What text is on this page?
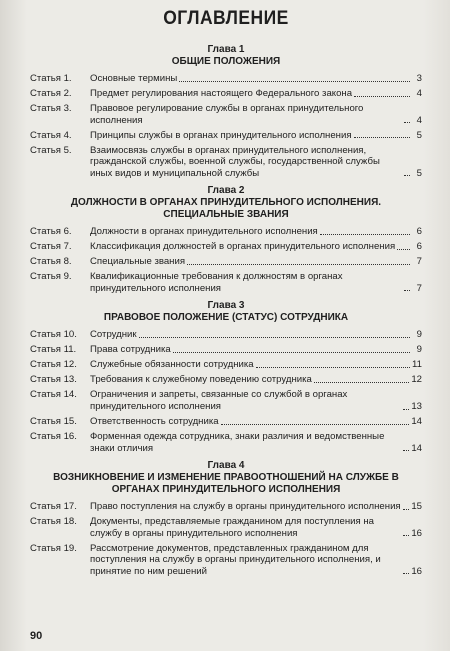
ОГЛАВЛЕНИЕ
Глава 1
ОБЩИЕ ПОЛОЖЕНИЯ
Статья 1.	Основные термины	3
Статья 2.	Предмет регулирования настоящего Федерального закона	4
Статья 3.	Правовое регулирование службы в органах принудительного исполнения	4
Статья 4.	Принципы службы в органах принудительного исполнения	5
Статья 5.	Взаимосвязь службы в органах принудительного исполнения, гражданской службы, военной службы, государственной службы иных видов и муниципальной службы	5
Глава 2
ДОЛЖНОСТИ В ОРГАНАХ ПРИНУДИТЕЛЬНОГО ИСПОЛНЕНИЯ. СПЕЦИАЛЬНЫЕ ЗВАНИЯ
Статья 6.	Должности в органах принудительного исполнения	6
Статья 7.	Классификация должностей в органах принудительного исполнения	6
Статья 8.	Специальные звания	7
Статья 9.	Квалификационные требования к должностям в органах принудительного исполнения	7
Глава 3
ПРАВОВОЕ ПОЛОЖЕНИЕ (СТАТУС) СОТРУДНИКА
Статья 10.	Сотрудник	9
Статья 11.	Права сотрудника	9
Статья 12.	Служебные обязанности сотрудника	11
Статья 13.	Требования к служебному поведению сотрудника	12
Статья 14.	Ограничения и запреты, связанные со службой в органах принудительного исполнения	13
Статья 15.	Ответственность сотрудника	14
Статья 16.	Форменная одежда сотрудника, знаки различия и ведомственные знаки отличия	14
Глава 4
ВОЗНИКНОВЕНИЕ И ИЗМЕНЕНИЕ ПРАВООТНОШЕНИЙ НА СЛУЖБЕ В ОРГАНАХ ПРИНУДИТЕЛЬНОГО ИСПОЛНЕНИЯ
Статья 17.	Право поступления на службу в органы принудительного исполнения 15
Статья 18.	Документы, представляемые гражданином для поступления на службу в органы принудительного исполнения	16
Статья 19.	Рассмотрение документов, представленных гражданином для поступления на службу в органы принудительного исполнения, и принятие по ним решений	16
90
